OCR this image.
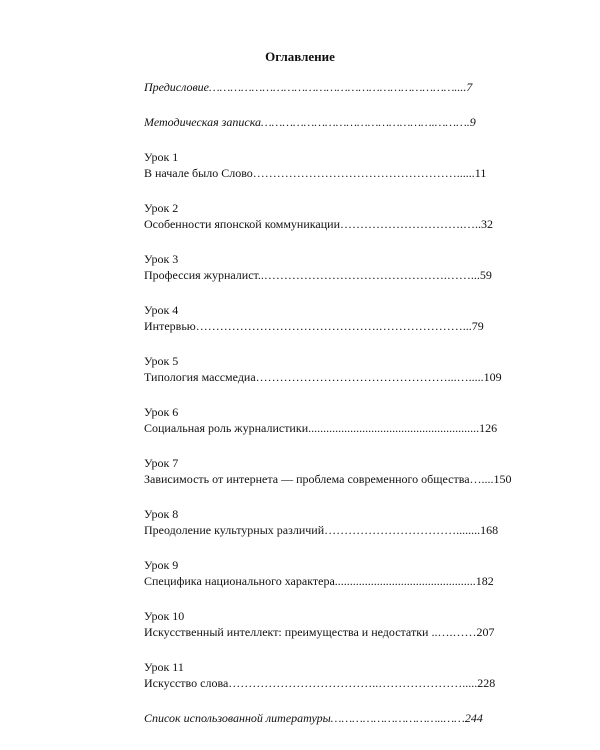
Оглавление
Предисловие……………………………………………………………....7
Методическая записка………………………………………….……….9
Урок 1
В начале было Слово……………………………………………......11
Урок 2
Особенности японской коммуникации………………………….…..32
Урок 3
Профессия журналист..……………………………………….……...59
Урок 4
Интервью……………………………………….…………………...79
Урок 5
Типология массмедиа…………………………………………...….....109
Урок 6
Социальная роль журналистики.........................................................126
Урок 7
Зависимость от интернета — проблема современного общества…....150
Урок 8
Преодоление культурных различий……………………………........168
Урок 9
Специфика национального характера...............................................182
Урок 10
Искусственный интеллект: преимущества и недостатки ..….……207
Урок 11
Искусство слова………………………………..………………….....228
Список использованной литературы…………………………..……244
